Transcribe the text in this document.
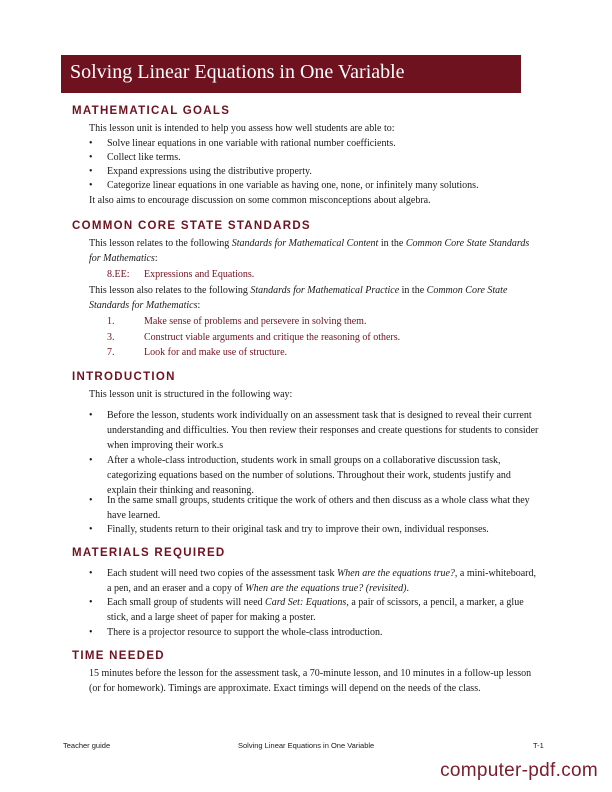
Solving Linear Equations in One Variable
MATHEMATICAL GOALS
This lesson unit is intended to help you assess how well students are able to:
• Solve linear equations in one variable with rational number coefficients.
• Collect like terms.
• Expand expressions using the distributive property.
• Categorize linear equations in one variable as having one, none, or infinitely many solutions.
It also aims to encourage discussion on some common misconceptions about algebra.
COMMON CORE STATE STANDARDS
This lesson relates to the following Standards for Mathematical Content in the Common Core State Standards for Mathematics:
8.EE: Expressions and Equations.
This lesson also relates to the following Standards for Mathematical Practice in the Common Core State Standards for Mathematics:
1.	Make sense of problems and persevere in solving them.
3.	Construct viable arguments and critique the reasoning of others.
7.	Look for and make use of structure.
INTRODUCTION
This lesson unit is structured in the following way:
• Before the lesson, students work individually on an assessment task that is designed to reveal their current understanding and difficulties. You then review their responses and create questions for students to consider when improving their work.s
• After a whole-class introduction, students work in small groups on a collaborative discussion task, categorizing equations based on the number of solutions. Throughout their work, students justify and explain their thinking and reasoning.
• In the same small groups, students critique the work of others and then discuss as a whole class what they have learned.
• Finally, students return to their original task and try to improve their own, individual responses.
MATERIALS REQUIRED
• Each student will need two copies of the assessment task When are the equations true?, a mini-whiteboard, a pen, and an eraser and a copy of When are the equations true? (revisited).
• Each small group of students will need Card Set: Equations, a pair of scissors, a pencil, a marker, a glue stick, and a large sheet of paper for making a poster.
• There is a projector resource to support the whole-class introduction.
TIME NEEDED
15 minutes before the lesson for the assessment task, a 70-minute lesson, and 10 minutes in a follow-up lesson (or for homework). Timings are approximate. Exact timings will depend on the needs of the class.
Teacher guide	Solving Linear Equations in One Variable	T-1
computer-pdf.com
